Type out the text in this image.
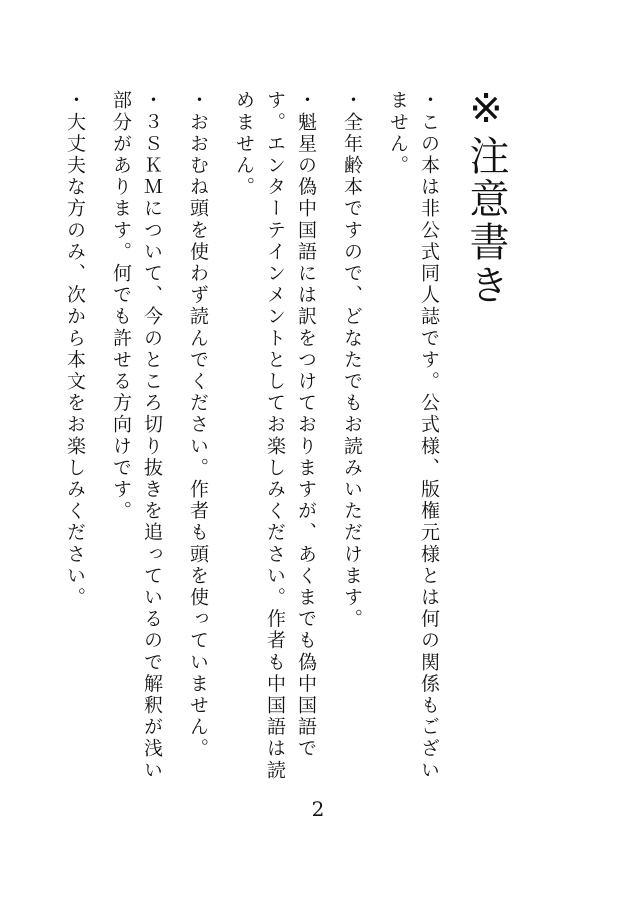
※注意書き

・この本は非公式同人誌です。公式様、版権元様とは何の関係もございません。

・全年齢本ですので、どなたでもお読みいただけます。

・魁星の偽中国語には訳をつけておりますが、あくまでも偽中国語です。エンターテインメントとしてお楽しみください。作者も中国語は読めません。

・おおむね頭を使わず読んでください。作者も頭を使っていません。

・３ＳＫＭについて、今のところ切り抜きを追っているので解釈が浅い部分があります。何でも許せる方向けです。

・大丈夫な方のみ、次から本文をお楽しみください。

2
